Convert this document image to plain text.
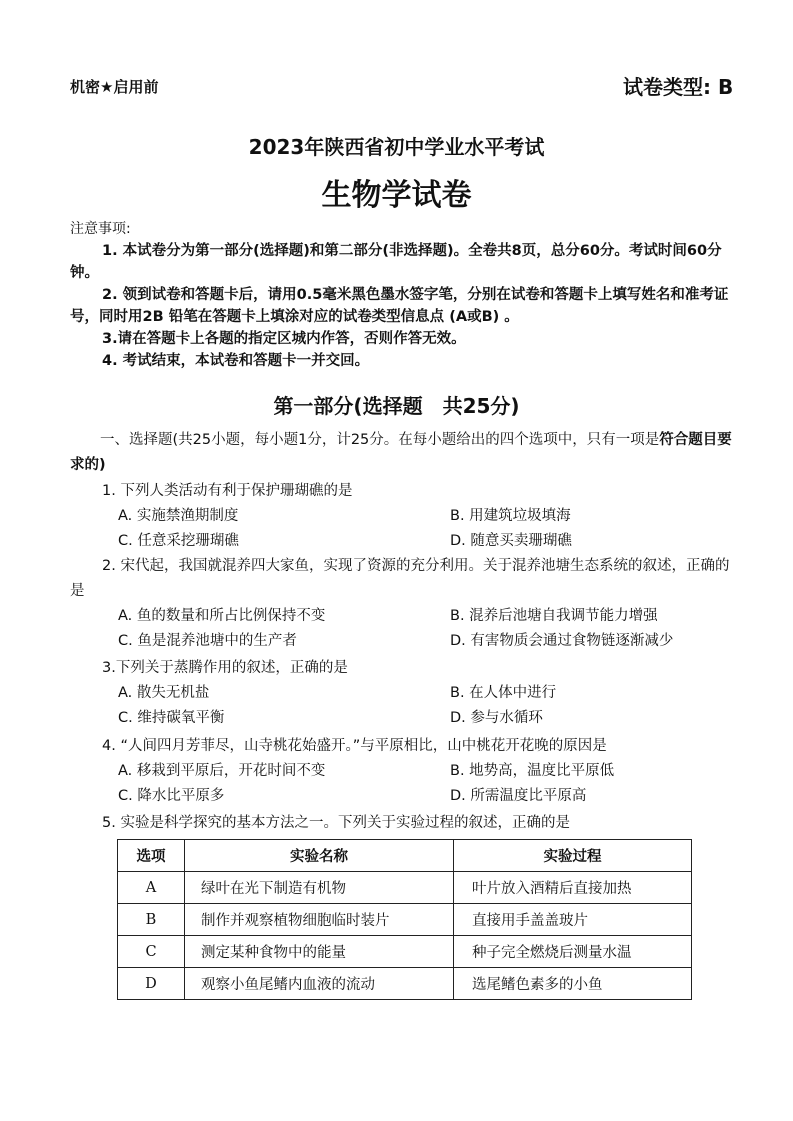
机密★启用前	试卷类型: B
2023年陕西省初中学业水平考试
生物学试卷
注意事项:
1. 本试卷分为第一部分(选择题)和第二部分(非选择题)。全卷共8页，总分60分。考试时间60分钟。
2. 领到试卷和答题卡后，请用0.5毫米黑色墨水签字笔，分别在试卷和答题卡上填写姓名和准考证号，同时用2B 铅笔在答题卡上填涂对应的试卷类型信息点 (A或B) 。
3.请在答题卡上各题的指定区城内作答，否则作答无效。
4. 考试结束，本试卷和答题卡一并交回。
第一部分(选择题　共25分)
一、选择题(共25小题，每小题1分，计25分。在每小题给出的四个选项中，只有一项是符合题目要求的)
1. 下列人类活动有利于保护珊瑚礁的是
A. 实施禁渔期制度	B. 用建筑垃圾填海
C. 任意采挖珊瑚礁	D. 随意买卖珊瑚礁
2. 宋代起，我国就混养四大家鱼，实现了资源的充分利用。关于混养池塘生态系统的叙述，正确的是
A. 鱼的数量和所占比例保持不变	B. 混养后池塘自我调节能力增强
C. 鱼是混养池塘中的生产者	D. 有害物质会通过食物链逐渐减少
3.下列关于蒸腾作用的叙述，正确的是
A. 散失无机盐	B. 在人体中进行
C. 维持碳氧平衡	D. 参与水循环
4. “人间四月芳菲尽，山寺桃花始盛开。”与平原相比，山中桃花开花晚的原因是
A. 移栽到平原后，开花时间不变	B. 地势高，温度比平原低
C. 降水比平原多	D. 所需温度比平原高
5. 实验是科学探究的基本方法之一。下列关于实验过程的叙述，正确的是
选项	实验名称	实验过程
A	绿叶在光下制造有机物	叶片放入酒精后直接加热
B	制作并观察植物细胞临时装片	直接用手盖盖玻片
C	测定某种食物中的能量	种子完全燃烧后测量水温
D	观察小鱼尾鳍内血液的流动	选尾鳍色素多的小鱼
